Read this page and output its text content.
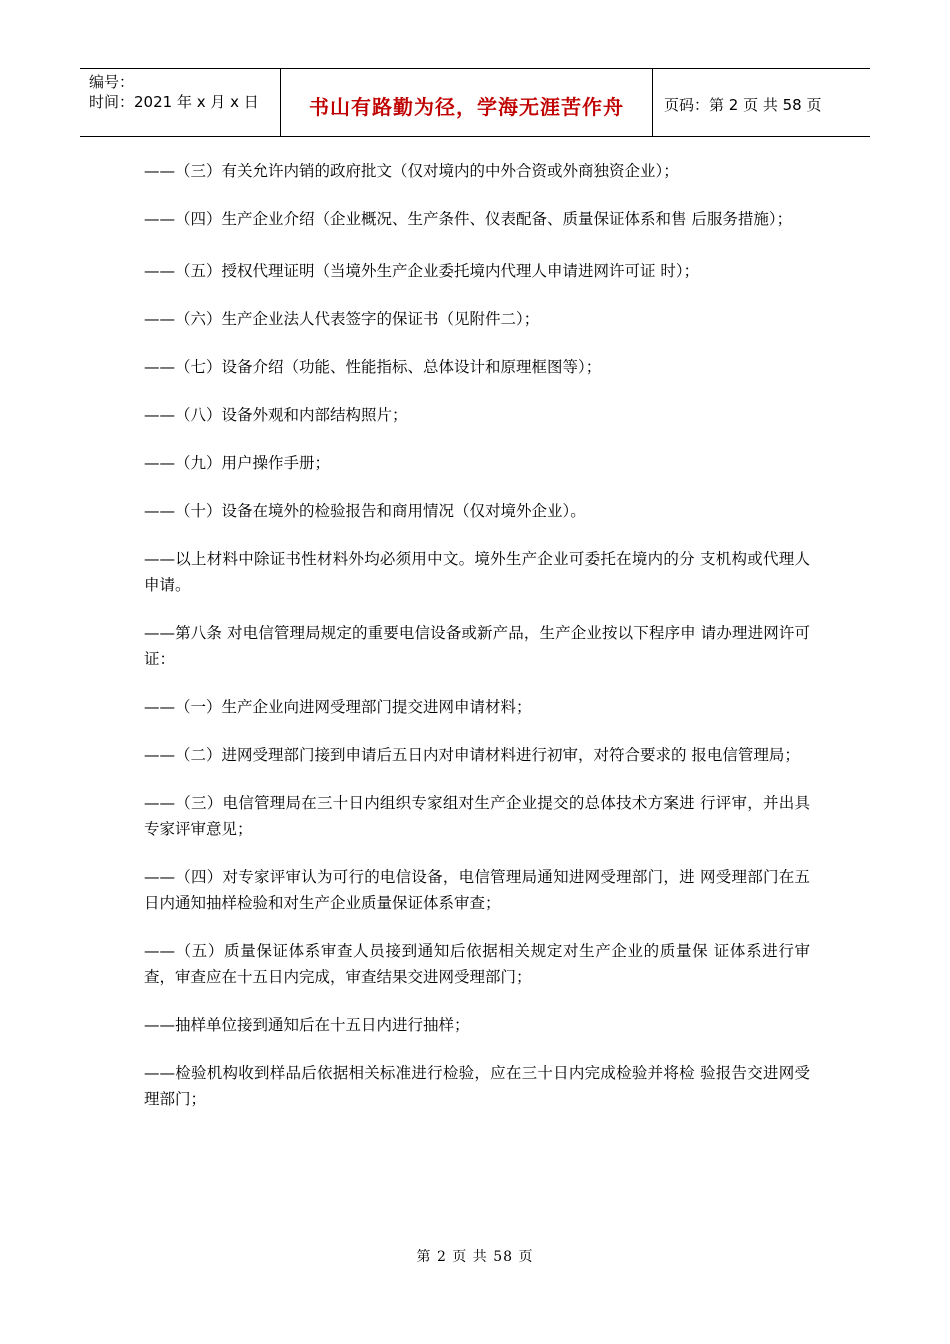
编号：
时间：2021 年 x 月 x 日	书山有路勤为径，学海无涯苦作舟	页码：第 2 页 共 58 页

——（三）有关允许内销的政府批文（仅对境内的中外合资或外商独资企业）；

——（四）生产企业介绍（企业概况、生产条件、仪表配备、质量保证体系和售 后服务措施）；

——（五）授权代理证明（当境外生产企业委托境内代理人申请进网许可证 时）；

——（六）生产企业法人代表签字的保证书（见附件二）；

——（七）设备介绍（功能、性能指标、总体设计和原理框图等）；

——（八）设备外观和内部结构照片；

——（九）用户操作手册；

——（十）设备在境外的检验报告和商用情况（仅对境外企业）。

——以上材料中除证书性材料外均必须用中文。境外生产企业可委托在境内的分 支机构或代理人申请。

——第八条 对电信管理局规定的重要电信设备或新产品，生产企业按以下程序申 请办理进网许可证：

——（一）生产企业向进网受理部门提交进网申请材料；

——（二）进网受理部门接到申请后五日内对申请材料进行初审，对符合要求的 报电信管理局；

——（三）电信管理局在三十日内组织专家组对生产企业提交的总体技术方案进 行评审，并出具专家评审意见；

——（四）对专家评审认为可行的电信设备，电信管理局通知进网受理部门，进 网受理部门在五日内通知抽样检验和对生产企业质量保证体系审查；

——（五）质量保证体系审查人员接到通知后依据相关规定对生产企业的质量保 证体系进行审查，审查应在十五日内完成，审查结果交进网受理部门；

——抽样单位接到通知后在十五日内进行抽样；

——检验机构收到样品后依据相关标准进行检验，应在三十日内完成检验并将检 验报告交进网受理部门；

第 2 页 共 58 页
